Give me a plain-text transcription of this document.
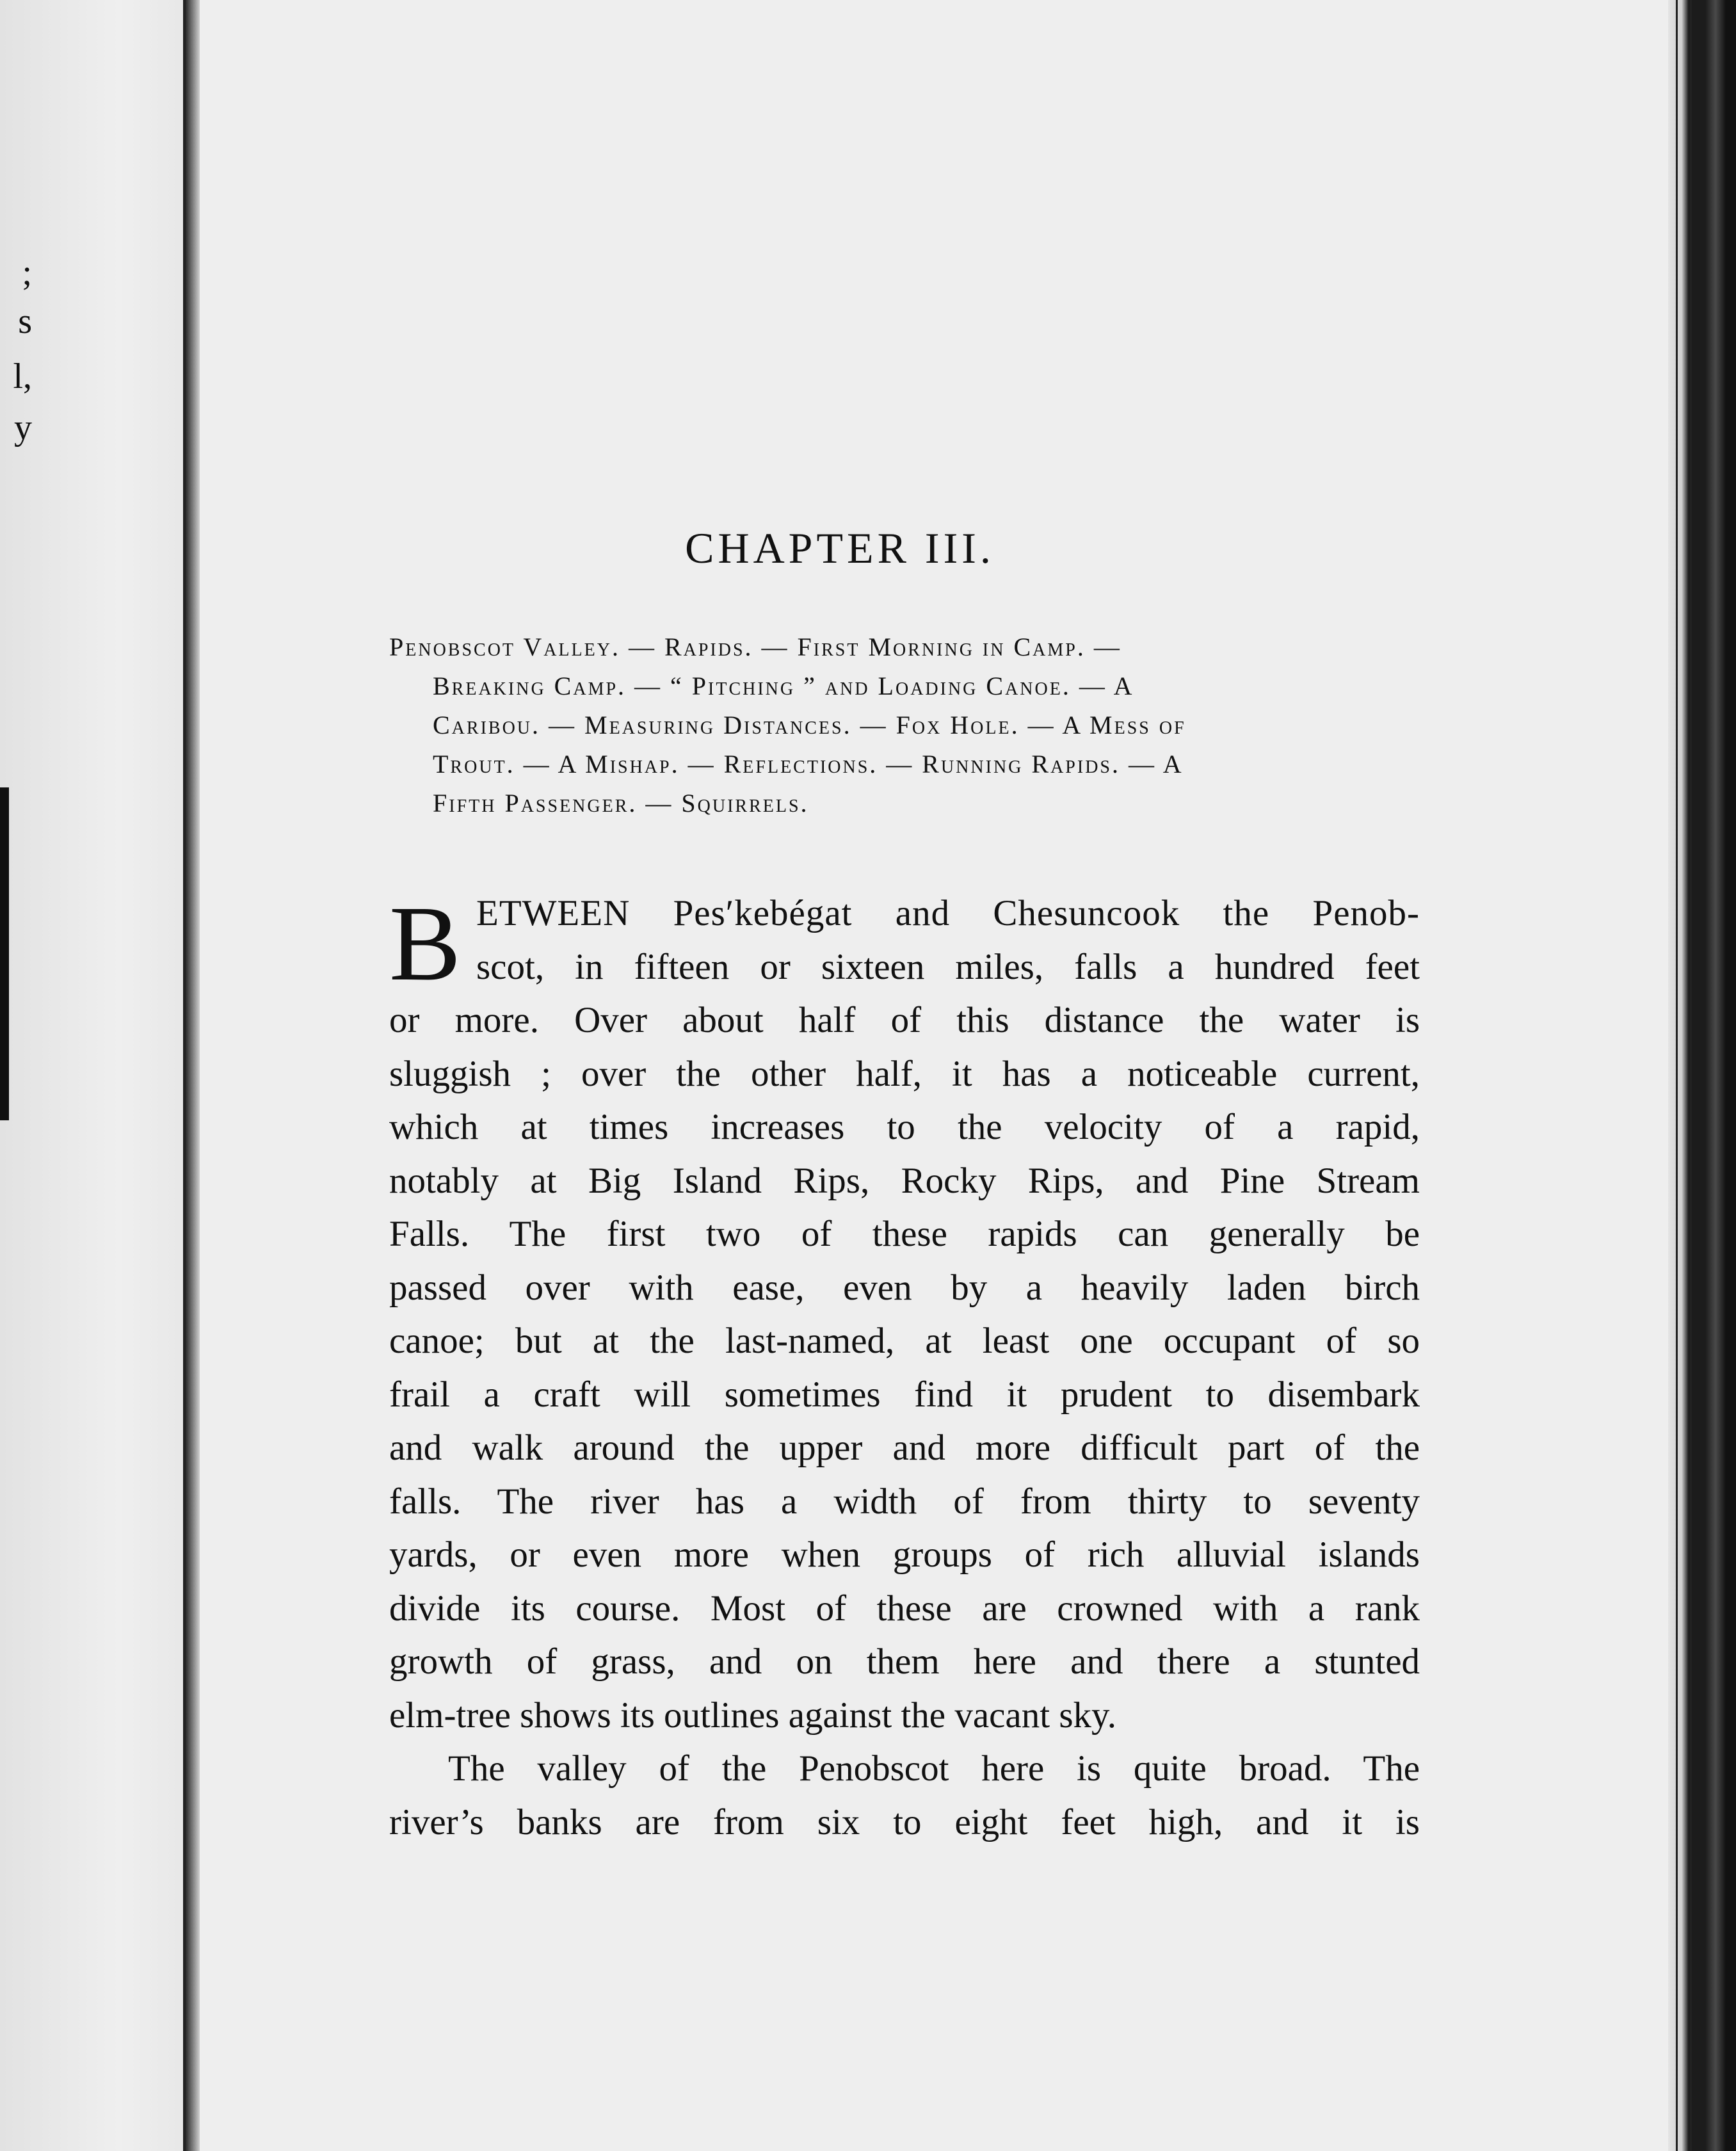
;
s
l,
y
CHAPTER III.
Penobscot Valley. — Rapids. — First Morning in Camp. —
Breaking Camp. — “ Pitching ” and Loading Canoe. — A
Caribou. — Measuring Distances. — Fox Hole. — A Mess of
Trout. — A Mishap. — Reflections. — Running Rapids. — A
Fifth Passenger. — Squirrels.
B ETWEEN Pes′kebégat and Chesuncook the Penob-
scot, in fifteen or sixteen miles, falls a hundred feet
or more. Over about half of this distance the water is
sluggish ; over the other half, it has a noticeable current,
which at times increases to the velocity of a rapid,
notably at Big Island Rips, Rocky Rips, and Pine Stream
Falls. The first two of these rapids can generally be
passed over with ease, even by a heavily laden birch
canoe; but at the last-named, at least one occupant of so
frail a craft will sometimes find it prudent to disembark
and walk around the upper and more difficult part of the
falls. The river has a width of from thirty to seventy
yards, or even more when groups of rich alluvial islands
divide its course. Most of these are crowned with a rank
growth of grass, and on them here and there a stunted
elm-tree shows its outlines against the vacant sky.
The valley of the Penobscot here is quite broad. The
river’s banks are from six to eight feet high, and it is
